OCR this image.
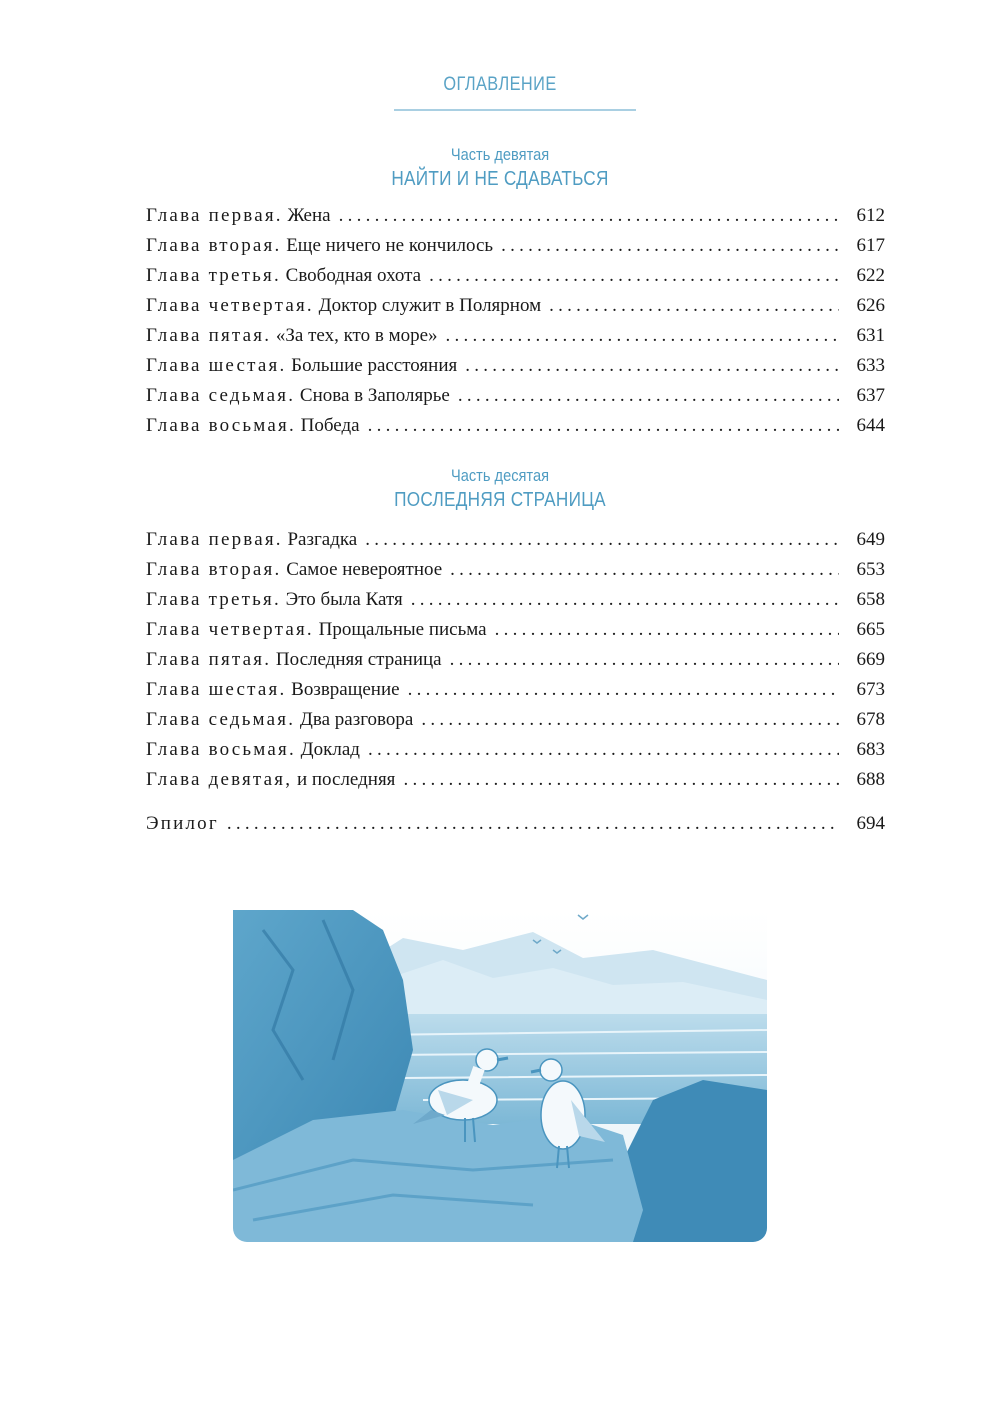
ОГЛАВЛЕНИЕ
Часть девятая
НАЙТИ И НЕ СДАВАТЬСЯ
Глава первая. Жена . . .	612
Глава вторая. Еще ничего не кончилось . . .	617
Глава третья. Свободная охота . . .	622
Глава четвертая. Доктор служит в Полярном . . .	626
Глава пятая. «За тех, кто в море» . . .	631
Глава шестая. Большие расстояния . . .	633
Глава седьмая. Снова в Заполярье . . .	637
Глава восьмая. Победа . . .	644
Часть десятая
ПОСЛЕДНЯЯ СТРАНИЦА
Глава первая. Разгадка . . .	649
Глава вторая. Самое невероятное . . .	653
Глава третья. Это была Катя . . .	658
Глава четвертая. Прощальные письма . . .	665
Глава пятая. Последняя страница . . .	669
Глава шестая. Возвращение . . .	673
Глава седьмая. Два разговора . . .	678
Глава восьмая. Доклад . . .	683
Глава девятая, и последняя . . .	688
Эпилог . . .	694
